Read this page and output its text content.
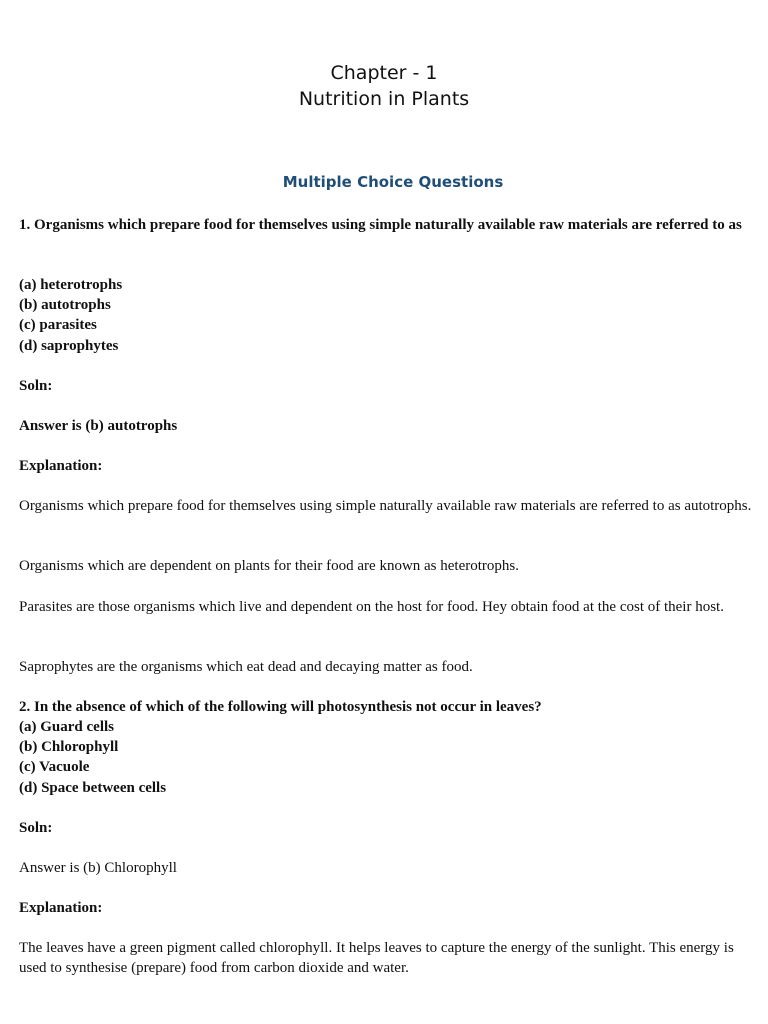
Chapter - 1
Nutrition in Plants
Multiple Choice Questions

1. Organisms which prepare food for themselves using simple naturally available raw materials are referred to as

(a) heterotrophs

(b) autotrophs

(c) parasites

(d) saprophytes

Soln:

Answer is (b) autotrophs

Explanation:

Organisms which prepare food for themselves using simple naturally available raw materials are referred to as autotrophs.

Organisms which are dependent on plants for their food are known as heterotrophs.

Parasites are those organisms which live and dependent on the host for food. Hey obtain food at the cost of their host.

Saprophytes are the organisms which eat dead and decaying matter as food.

2. In the absence of which of the following will photosynthesis not occur in leaves?

(a) Guard cells

(b) Chlorophyll

(c) Vacuole

(d) Space between cells

Soln:

Answer is (b) Chlorophyll

Explanation:

The leaves have a green pigment called chlorophyll. It helps leaves to capture the energy of the sunlight. This energy is used to synthesise (prepare) food from carbon dioxide and water.
